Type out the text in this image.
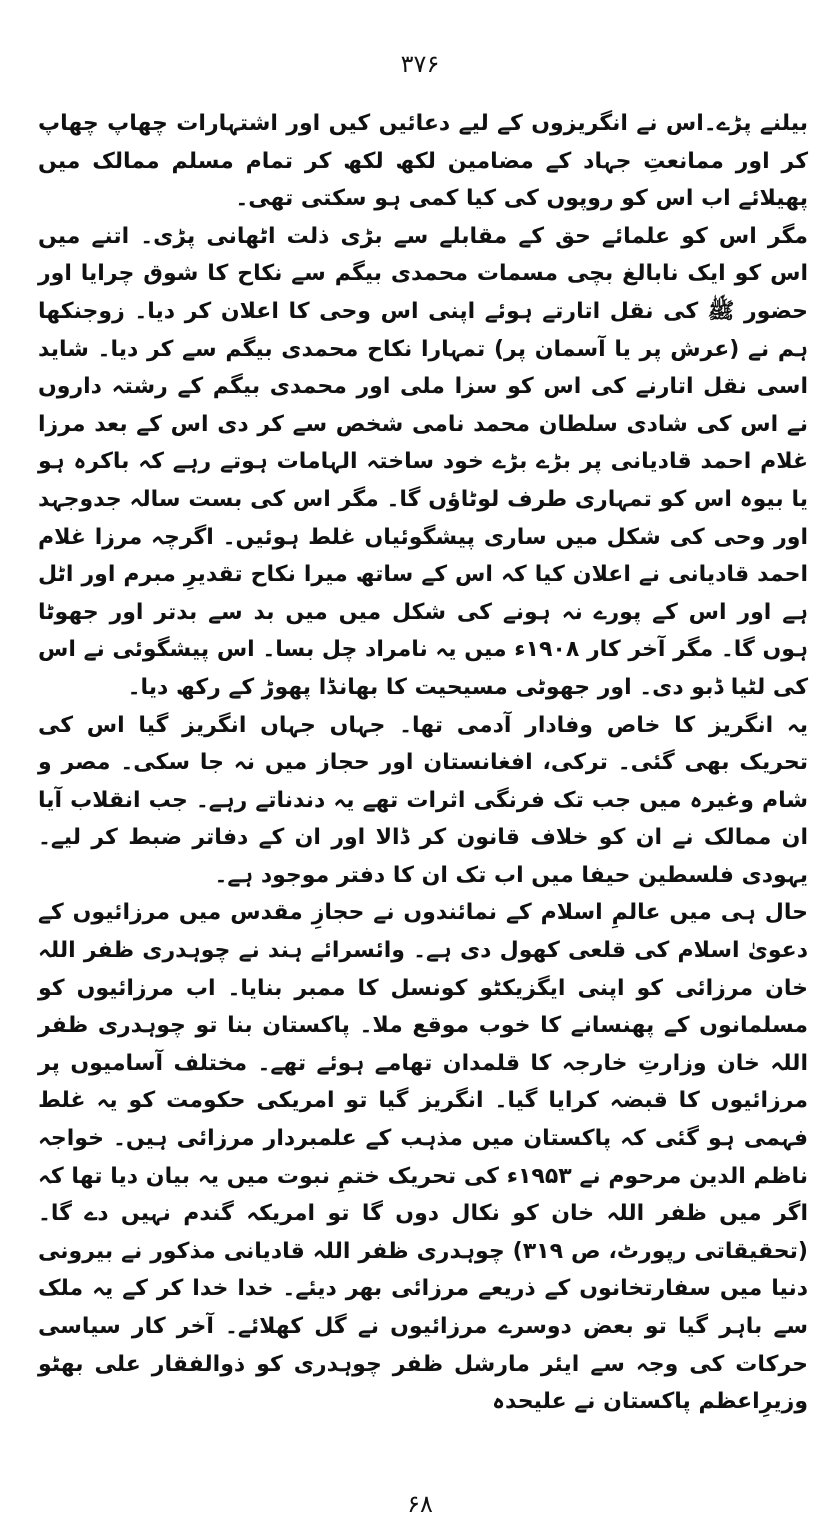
۳۷۶

بیلنے پڑے۔اس نے انگریزوں کے لیے دعائیں کیں اور اشتہارات چھاپ چھاپ کر اور ممانعتِ جہاد کے مضامین لکھ لکھ کر تمام مسلم ممالک میں پھیلائے اب اس کو روپوں کی کیا کمی ہو سکتی تھی۔

مگر اس کو علمائے حق کے مقابلے سے بڑی ذلت اٹھانی پڑی۔ اتنے میں اس کو ایک نابالغ بچی مسمات محمدی بیگم سے نکاح کا شوق چرایا اور حضور ﷺ کی نقل اتارتے ہوئے اپنی اس وحی کا اعلان کر دیا۔ زوجنکھا ہم نے (عرش پر یا آسمان پر) تمہارا نکاح محمدی بیگم سے کر دیا۔ شاید اسی نقل اتارنے کی اس کو سزا ملی اور محمدی بیگم کے رشتہ داروں نے اس کی شادی سلطان محمد نامی شخص سے کر دی اس کے بعد مرزا غلام احمد قادیانی پر بڑے بڑے خود ساختہ الہامات ہوتے رہے کہ باکرہ ہو یا بیوہ اس کو تمہاری طرف لوٹاؤں گا۔ مگر اس کی بست سالہ جدوجہد اور وحی کی شکل میں ساری پیشگوئیاں غلط ہوئیں۔ اگرچہ مرزا غلام احمد قادیانی نے اعلان کیا کہ اس کے ساتھ میرا نکاح تقدیرِ مبرم اور اٹل ہے اور اس کے پورے نہ ہونے کی شکل میں میں بد سے بدتر اور جھوٹا ہوں گا۔ مگر آخر کار ۱۹۰۸ء میں یہ نامراد چل بسا۔ اس پیشگوئی نے اس کی لٹیا ڈبو دی۔ اور جھوٹی مسیحیت کا بھانڈا پھوڑ کے رکھ دیا۔

یہ انگریز کا خاص وفادار آدمی تھا۔ جہاں جہاں انگریز گیا اس کی تحریک بھی گئی۔ ترکی، افغانستان اور حجاز میں نہ جا سکی۔ مصر و شام وغیرہ میں جب تک فرنگی اثرات تھے یہ دندناتے رہے۔ جب انقلاب آیا ان ممالک نے ان کو خلاف قانون کر ڈالا اور ان کے دفاتر ضبط کر لیے۔ یہودی فلسطین حیفا میں اب تک ان کا دفتر موجود ہے۔

حال ہی میں عالمِ اسلام کے نمائندوں نے حجازِ مقدس میں مرزائیوں کے دعویٰ اسلام کی قلعی کھول دی ہے۔ وائسرائے ہند نے چوہدری ظفر اللہ خان مرزائی کو اپنی ایگزیکٹو کونسل کا ممبر بنایا۔ اب مرزائیوں کو مسلمانوں کے پھنسانے کا خوب موقع ملا۔ پاکستان بنا تو چوہدری ظفر اللہ خان وزارتِ خارجہ کا قلمدان تھامے ہوئے تھے۔ مختلف آسامیوں پر مرزائیوں کا قبضہ کرایا گیا۔ انگریز گیا تو امریکی حکومت کو یہ غلط فہمی ہو گئی کہ پاکستان میں مذہب کے علمبردار مرزائی ہیں۔ خواجہ ناظم الدین مرحوم نے ۱۹۵۳ء کی تحریک ختمِ نبوت میں یہ بیان دیا تھا کہ اگر میں ظفر اللہ خان کو نکال دوں گا تو امریکہ گندم نہیں دے گا۔ (تحقیقاتی رپورٹ، ص ۳۱۹) چوہدری ظفر اللہ قادیانی مذکور نے بیرونی دنیا میں سفارتخانوں کے ذریعے مرزائی بھر دیئے۔ خدا خدا کر کے یہ ملک سے باہر گیا تو بعض دوسرے مرزائیوں نے گل کھلائے۔ آخر کار سیاسی حرکات کی وجہ سے ایئر مارشل ظفر چوہدری کو ذوالفقار علی بھٹو وزیرِاعظم پاکستان نے علیحدہ

۶۸
